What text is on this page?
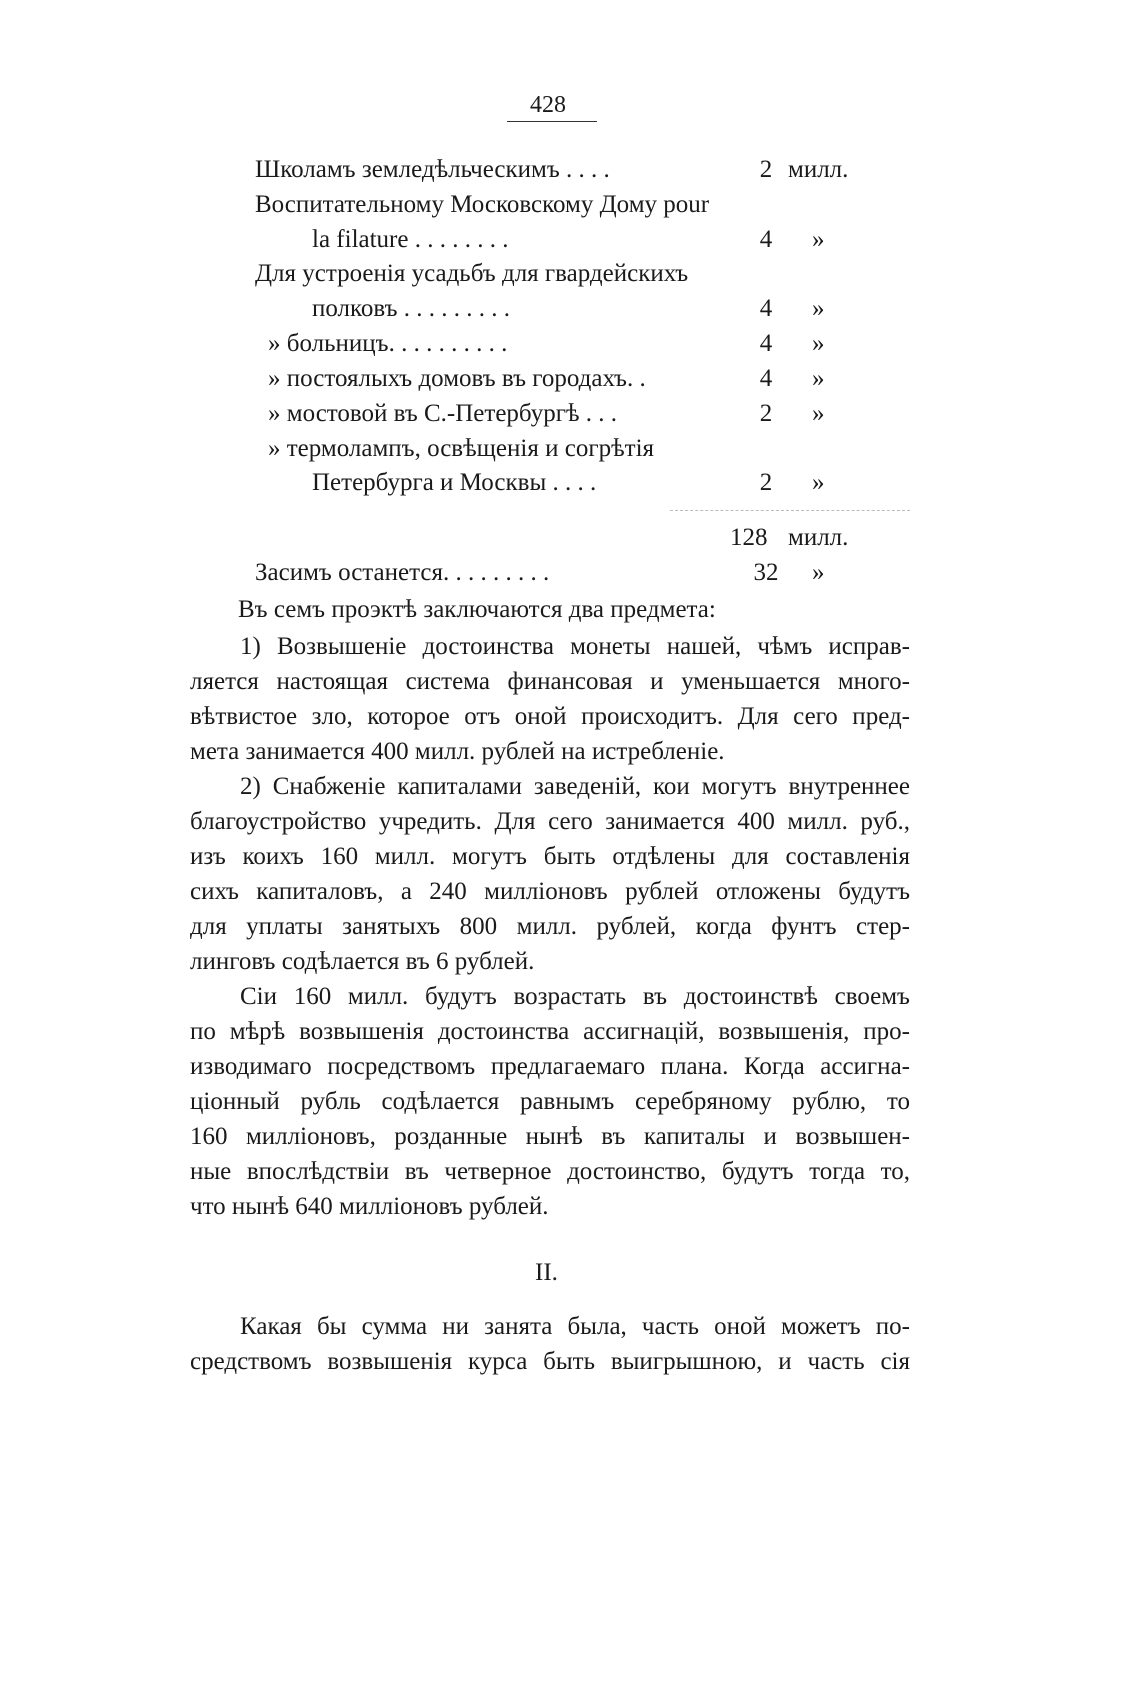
428
Школамъ земледѣльческимъ . . . .	2 милл.
Воспитательному Московскому Дому pour
la filature . . . . . . . .	4	»
Для устроенія усадьбъ для гвардейскихъ
полковъ . . . . . . . . .	4	»
» больницъ. . . . . . . . . .	4	»
» постоялыхъ домовъ въ городахъ. .	4	»
» мостовой въ С.-Петербургѣ . . .	2	»
» термолампъ, освѣщенія и согрѣтія
Петербурга и Москвы . . . .	2	»
128 милл.
Засимъ останется. . . . . . . . .	32	»
Въ семъ проэктѣ заключаются два предмета:
1) Возвышеніе достоинства монеты нашей, чѣмъ исправ-
ляется настоящая система финансовая и уменьшается много-
вѣтвистое зло, которое отъ оной происходитъ. Для сего пред-
мета занимается 400 милл. рублей на истребленіе.
2) Снабженіе капиталами заведеній, кои могутъ внутреннее
благоустройство учредить. Для сего занимается 400 милл. руб.,
изъ коихъ 160 милл. могутъ быть отдѣлены для составленія
сихъ капиталовъ, а 240 милліоновъ рублей отложены будутъ
для уплаты занятыхъ 800 милл. рублей, когда фунтъ стер-
линговъ содѣлается въ 6 рублей.
Сіи 160 милл. будутъ возрастать въ достоинствѣ своемъ
по мѣрѣ возвышенія достоинства ассигнацій, возвышенія, про-
изводимаго посредствомъ предлагаемаго плана. Когда ассигна-
ціонный рубль содѣлается равнымъ серебряному рублю, то
160 милліоновъ, розданные нынѣ въ капиталы и возвышен-
ные впослѣдствіи въ четверное достоинство, будутъ тогда то,
что нынѣ 640 милліоновъ рублей.
II.
Какая бы сумма ни занята была, часть оной можетъ по-
средствомъ возвышенія курса быть выигрышною, и часть сія
